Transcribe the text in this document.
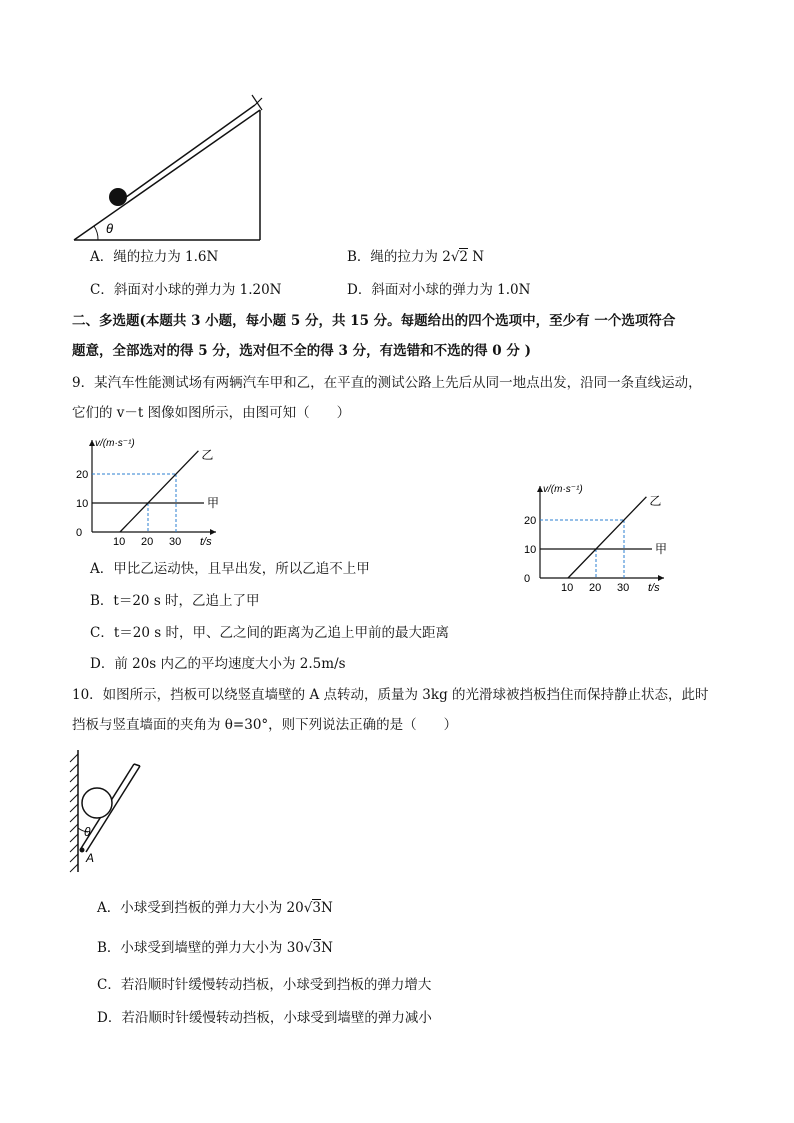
θ
A．绳的拉力为 1.6N	B．绳的拉力为 2√2 N
C．斜面对小球的弹力为 1.20N	D．斜面对小球的弹力为 1.0N
二、多选题(本题共 3 小题，每小题 5 分，共 15 分。每题给出的四个选项中，至少有 一个选项符合
题意，全部选对的得 5 分，选对但不全的得 3 分，有选错和不选的得 0 分 )
9．某汽车性能测试场有两辆汽车甲和乙，在平直的测试公路上先后从同一地点出发，沿同一条直线运动，
它们的 v－t 图像如图所示，由图可知（　　）
甲
乙
10 20 30
0
10
20
v/(m·s⁻¹)
t/s	甲
乙
10 20 30
0
10
20
v/(m·s⁻¹)
t/s
A．甲比乙运动快，且早出发，所以乙追不上甲
B．t＝20 s 时，乙追上了甲
C．t＝20 s 时，甲、乙之间的距离为乙追上甲前的最大距离
D．前 20s 内乙的平均速度大小为 2.5m/s
10．如图所示，挡板可以绕竖直墙壁的 A 点转动，质量为 3kg 的光滑球被挡板挡住而保持静止状态，此时
挡板与竖直墙面的夹角为 θ=30°，则下列说法正确的是（　　）
θ
A
A．小球受到挡板的弹力大小为 20√3N
B．小球受到墙壁的弹力大小为 30√3N
C．若沿顺时针缓慢转动挡板，小球受到挡板的弹力增大
D．若沿顺时针缓慢转动挡板，小球受到墙壁的弹力减小
